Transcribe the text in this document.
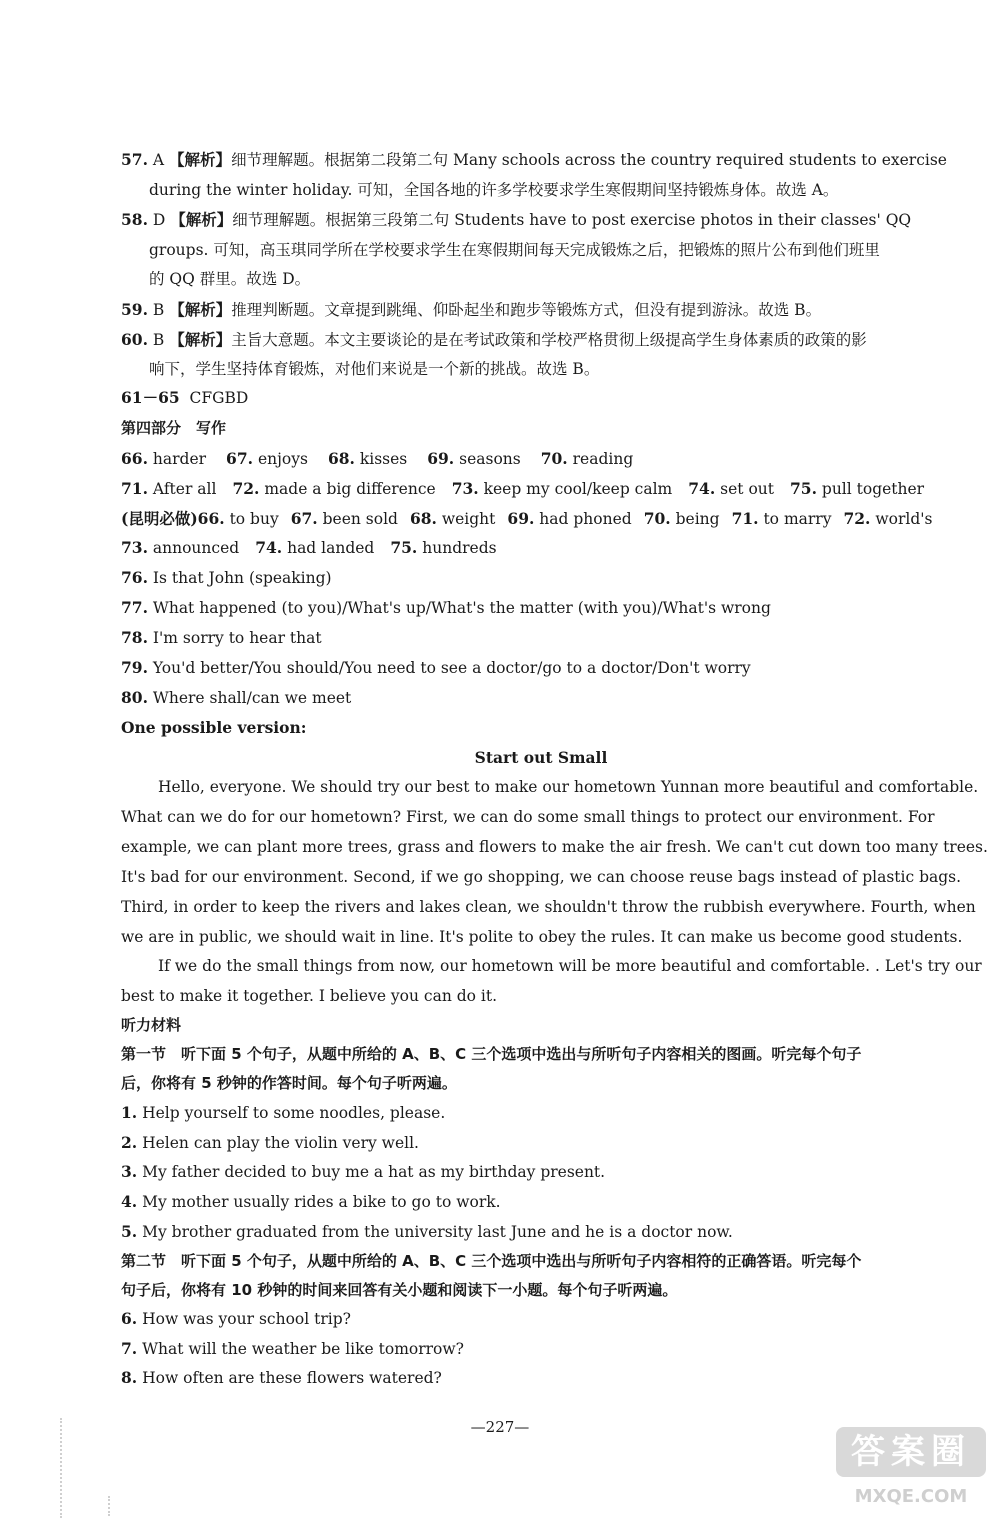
57. A 【解析】细节理解题。根据第二段第二句 Many schools across the country required students to exercise
during the winter holiday. 可知，全国各地的许多学校要求学生寒假期间坚持锻炼身体。故选 A。
58. D 【解析】细节理解题。根据第三段第二句 Students have to post exercise photos in their classes' QQ
groups. 可知，高玉琪同学所在学校要求学生在寒假期间每天完成锻炼之后，把锻炼的照片公布到他们班里
的 QQ 群里。故选 D。
59. B 【解析】推理判断题。文章提到跳绳、仰卧起坐和跑步等锻炼方式，但没有提到游泳。故选 B。
60. B 【解析】主旨大意题。本文主要谈论的是在考试政策和学校严格贯彻上级提高学生身体素质的政策的影
响下，学生坚持体育锻炼，对他们来说是一个新的挑战。故选 B。
61－65 CFGBD
第四部分　写作
66. harder 67. enjoys 68. kisses 69. seasons 70. reading
71. After all 72. made a big difference 73. keep my cool/keep calm 74. set out 75. pull together
(昆明必做)66. to buy 67. been sold 68. weight 69. had phoned 70. being 71. to marry 72. world's
73. announced 74. had landed 75. hundreds
76. Is that John (speaking)
77. What happened (to you)/What's up/What's the matter (with you)/What's wrong
78. I'm sorry to hear that
79. You'd better/You should/You need to see a doctor/go to a doctor/Don't worry
80. Where shall/can we meet
One possible version:
Start out Small
Hello, everyone. We should try our best to make our hometown Yunnan more beautiful and comfortable.
What can we do for our hometown? First, we can do some small things to protect our environment. For
example, we can plant more trees, grass and flowers to make the air fresh. We can't cut down too many trees.
It's bad for our environment. Second, if we go shopping, we can choose reuse bags instead of plastic bags.
Third, in order to keep the rivers and lakes clean, we shouldn't throw the rubbish everywhere. Fourth, when
we are in public, we should wait in line. It's polite to obey the rules. It can make us become good students.
If we do the small things from now, our hometown will be more beautiful and comfortable. . Let's try our
best to make it together. I believe you can do it.
听力材料
第一节　听下面 5 个句子，从题中所给的 A、B、C 三个选项中选出与所听句子内容相关的图画。听完每个句子
后，你将有 5 秒钟的作答时间。每个句子听两遍。
1. Help yourself to some noodles, please.
2. Helen can play the violin very well.
3. My father decided to buy me a hat as my birthday present.
4. My mother usually rides a bike to go to work.
5. My brother graduated from the university last June and he is a doctor now.
第二节　听下面 5 个句子，从题中所给的 A、B、C 三个选项中选出与所听句子内容相符的正确答语。听完每个
句子后，你将有 10 秒钟的时间来回答有关小题和阅读下一小题。每个句子听两遍。
6. How was your school trip?
7. What will the weather be like tomorrow?
8. How often are these flowers watered?
—227—
答案圈
MXQE.COM
